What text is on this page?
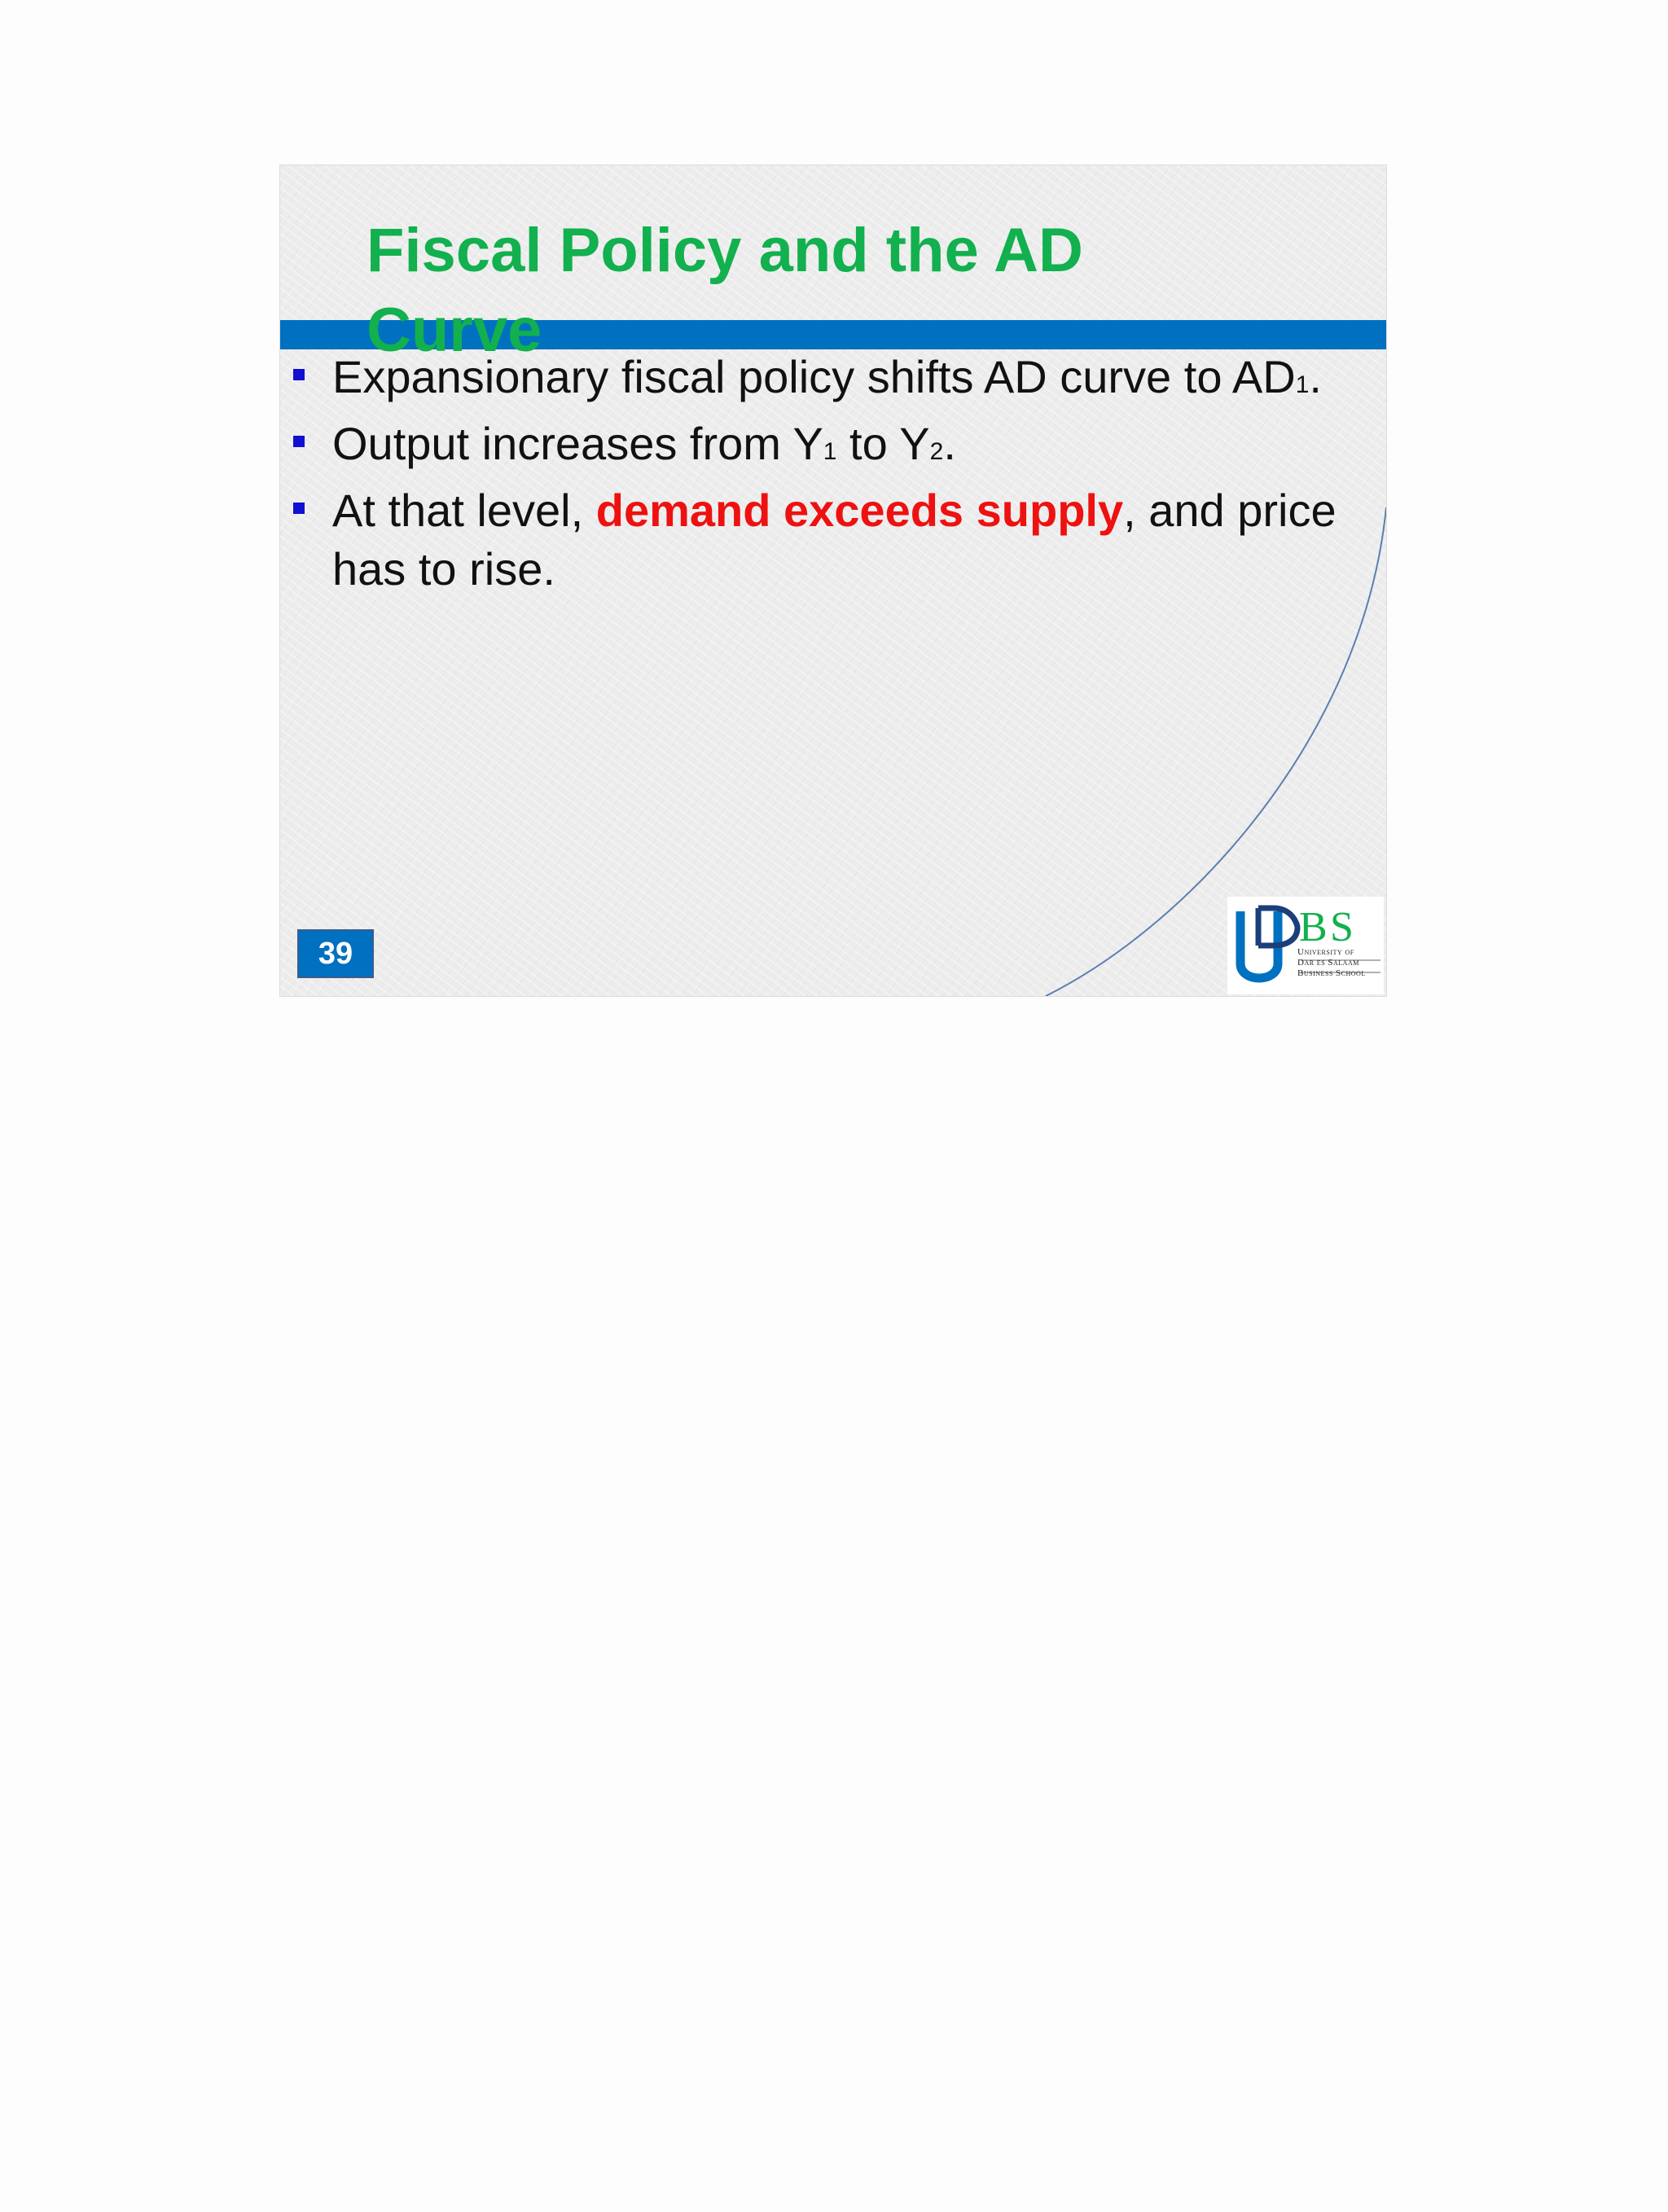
Fiscal Policy and the AD
Curve
Expansionary fiscal policy shifts AD curve to AD1.
Output increases from Y1 to Y2.
At that level, demand exceeds supply, and price has to rise.
39
B S
University of
Dar es Salaam
Business School
